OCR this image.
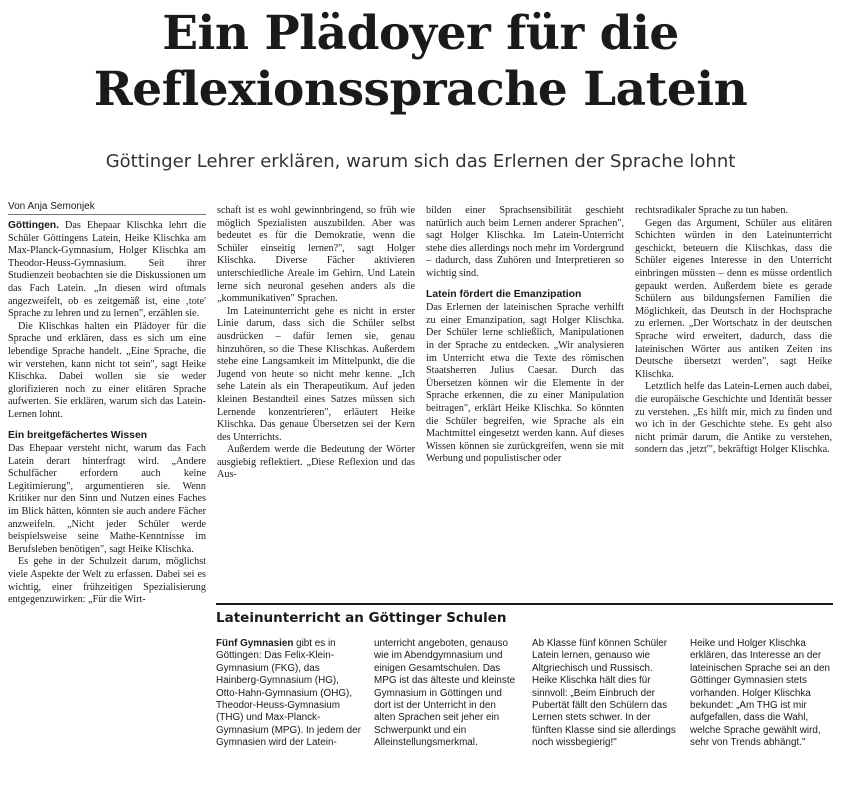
Ein Plädoyer für die
Reflexionssprache Latein

Göttinger Lehrer erklären, warum sich das Erlernen der Sprache lohnt

Von Anja Semonjek

Göttingen. Das Ehepaar Klischka lehrt die Schüler Göttingens Latein, Heike Klischka am Max-Planck-Gymnasium, Holger Klischka am Theodor-Heuss-Gymnasium. Seit ihrer Studienzeit beobachten sie die Diskussionen um das Fach Latein. „In diesen wird oftmals angezweifelt, ob es zeitgemäß ist, eine ‚tote' Sprache zu lehren und zu lernen", erzählen sie.

Die Klischkas halten ein Plädoyer für die Sprache und erklären, dass es sich um eine lebendige Sprache handelt. „Eine Sprache, die wir verstehen, kann nicht tot sein", sagt Heike Klischka. Dabei wollen sie sie weder glorifizieren noch zu einer elitären Sprache aufwerten. Sie erklären, warum sich das Latein-Lernen lohnt.

Ein breitgefächertes Wissen

Das Ehepaar versteht nicht, warum das Fach Latein derart hinterfragt wird. „Andere Schulfächer erfordern auch keine Legitimierung", argumentieren sie. Wenn Kritiker nur den Sinn und Nutzen eines Faches im Blick hätten, könnten sie auch andere Fächer anzweifeln. „Nicht jeder Schüler werde beispielsweise seine Mathe-Kenntnisse im Berufsleben benötigen", sagt Heike Klischka.

Es gehe in der Schulzeit darum, möglichst viele Aspekte der Welt zu erfassen. Dabei sei es wichtig, einer frühzeitigen Spezialisierung entgegenzuwirken: „Für die Wirt-

schaft ist es wohl gewinnbringend, so früh wie möglich Spezialisten auszubilden. Aber was bedeutet es für die Demokratie, wenn die Schüler einseitig lernen?", sagt Holger Klischka. Diverse Fächer aktivieren unterschiedliche Areale im Gehirn. Und Latein lerne sich neuronal gesehen anders als die „kommunikativen" Sprachen.

Im Lateinunterricht gehe es nicht in erster Linie darum, dass sich die Schüler selbst ausdrücken – dafür lernen sie, genau hinzuhören, so die These Klischkas. Außerdem stehe eine Langsamkeit im Mittelpunkt, die die Jugend von heute so nicht mehr kenne. „Ich sehe Latein als ein Therapeutikum. Auf jeden kleinen Bestandteil eines Satzes müssen sich Lernende konzentrieren", erläutert Heike Klischka. Das genaue Übersetzen sei der Kern des Unterrichts.

Außerdem werde die Bedeutung der Wörter ausgiebig reflektiert. „Diese Reflexion und das Aus-

bilden einer Sprachsensibilität geschieht natürlich auch beim Lernen anderer Sprachen", sagt Holger Klischka. Im Latein-Unterricht stehe dies allerdings noch mehr im Vordergrund – dadurch, dass Zuhören und Interpretieren so wichtig sind.

Latein fördert die Emanzipation

Das Erlernen der lateinischen Sprache verhilft zu einer Emanzipation, sagt Holger Klischka. Der Schüler lerne schließlich, Manipulationen in der Sprache zu entdecken. „Wir analysieren im Unterricht etwa die Texte des römischen Staatsherren Julius Caesar. Durch das Übersetzen können wir die Elemente in der Sprache erkennen, die zu einer Manipulation beitragen", erklärt Heike Klischka. So könnten die Schüler begreifen, wie Sprache als ein Machtmittel eingesetzt werden kann. Auf dieses Wissen können sie zurückgreifen, wenn sie mit Werbung und populistischer oder

rechtsradikaler Sprache zu tun haben.

Gegen das Argument, Schüler aus elitären Schichten würden in den Lateinunterricht geschickt, beteuern die Klischkas, dass die Schüler eigenes Interesse in den Unterricht einbringen müssten – denn es müsse ordentlich gepaukt werden. Außerdem biete es gerade Schülern aus bildungsfernen Familien die Möglichkeit, das Deutsch in der Hochsprache zu erlernen. „Der Wortschatz in der deutschen Sprache wird erweitert, dadurch, dass die lateinischen Wörter aus antiken Zeiten ins Deutsche übersetzt werden", sagt Heike Klischka.

Letztlich helfe das Latein-Lernen auch dabei, die europäische Geschichte und Identität besser zu verstehen. „Es hilft mir, mich zu finden und wo ich in der Geschichte stehe. Es geht also nicht primär darum, die Antike zu verstehen, sondern das ‚jetzt'", bekräftigt Holger Klischka.

Lateinunterricht an Göttinger Schulen

Fünf Gymnasien gibt es in Göttingen: Das Felix-Klein-Gymnasium (FKG), das Hainberg-Gymnasium (HG), Otto-Hahn-Gymnasium (OHG), Theodor-Heuss-Gymnasium (THG) und Max-Planck-Gymnasium (MPG). In jedem der Gymnasien wird der Latein-

unterricht angeboten, genauso wie im Abendgymnasium und einigen Gesamtschulen. Das MPG ist das älteste und kleinste Gymnasium in Göttingen und dort ist der Unterricht in den alten Sprachen seit jeher ein Schwerpunkt und ein Alleinstellungsmerkmal.

Ab Klasse fünf können Schüler Latein lernen, genauso wie Altgriechisch und Russisch. Heike Klischka hält dies für sinnvoll: „Beim Einbruch der Pubertät fällt den Schülern das Lernen stets schwer. In der fünften Klasse sind sie allerdings noch wissbegierig!"

Heike und Holger Klischka erklären, das Interesse an der lateinischen Sprache sei an den Göttinger Gymnasien stets vorhanden. Holger Klischka bekundet: „Am THG ist mir aufgefallen, dass die Wahl, welche Sprache gewählt wird, sehr von Trends abhängt."
